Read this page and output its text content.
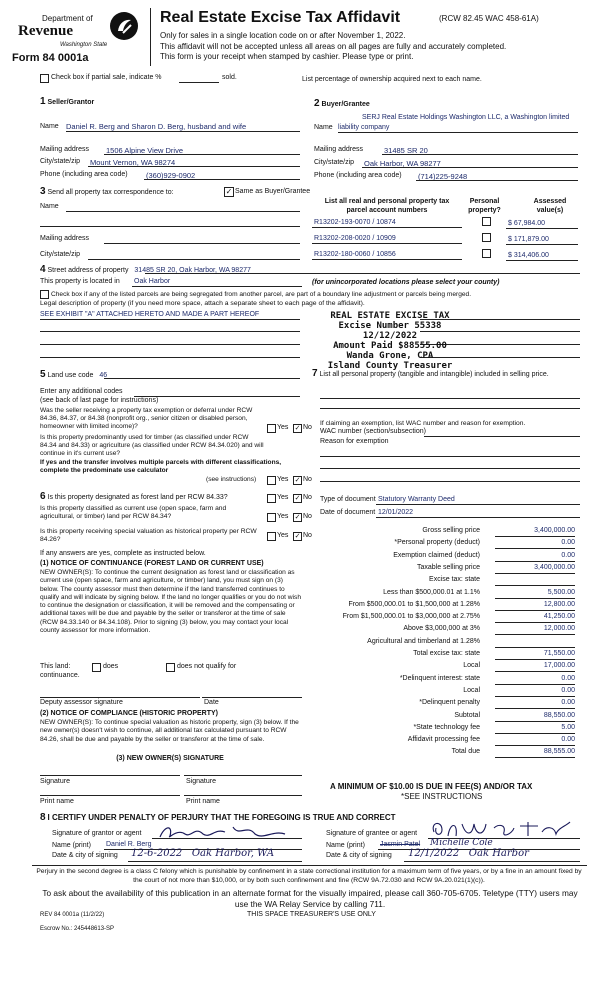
Department of
Revenue
Washington State
Form 84 0001a
Real Estate Excise Tax Affidavit	(RCW 82.45 WAC 458-61A)
Only for sales in a single location code on or after November 1, 2022.
This affidavit will not be accepted unless all areas on all pages are fully and accurately completed.
This form is your receipt when stamped by cashier. Please type or print.
Check box if partial sale, indicate %	sold.	List percentage of ownership acquired next to each name.
1 Seller/Grantor
Name Daniel R. Berg and Sharon D. Berg, husband and wife
Mailing address 1506 Alpine View Drive
City/state/zip Mount Vernon, WA 98274
Phone (including area code) (360)929-0902
2 Buyer/Grantee
SERJ Real Estate Holdings Washington LLC, a Washington limited
Name liability company
Mailing address	31485 SR 20
City/state/zip Oak Harbor, WA 98277
Phone (including area code) (714)225-9248
3 Send all property tax correspondence to:	✓ Same as Buyer/Grantee
Name
Mailing address
City/state/zip
List all real and personal property tax
parcel account numbers
Personal
property?
Assessed
value(s)
R13202-193-0070 / 10874	$ 67,984.00
R13202-208-0020 / 10909	$ 171,879.00
R13202-180-0060 / 10856	$ 314,406.00
4 Street address of property 31485 SR 20, Oak Harbor, WA 98277
This property is located in Oak Harbor	(for unincorporated locations please select your county)
Check box if any of the listed parcels are being segregated from another parcel, are part of a boundary line adjustment or parcels being merged.
Legal description of property (if you need more space, attach a separate sheet to each page of the affidavit).
SEE EXHIBIT "A" ATTACHED HERETO AND MADE A PART HEREOF	REAL ESTATE EXCISE TAX
Excise Number 55338
12/12/2022
Amount Paid $88555.00
Wanda Grone, CPA
Island County Treasurer
5 Land use code 46
Enter any additional codes
(see back of last page for instructions)
Was the seller receiving a property tax exemption or deferral under RCW 84.36, 84.37, or 84.38 (nonprofit org., senior citizen or disabled person, homeowner with limited income)?	Yes ✓ No
Is this property predominantly used for timber (as classified under RCW 84.34 and 84.33) or agriculture (as classified under RCW 84.34.020) and will continue in it's current use?
If yes and the transfer involves multiple parcels with different classifications, complete the predominate use calculator
(see instructions)	Yes ✓ No
7 List all personal property (tangible and intangible) included in selling price.
If claiming an exemption, list WAC number and reason for exemption.
WAC number (section/subsection)
Reason for exemption
6 Is this property designated as forest land per RCW 84.33?	Yes ✓ No
Is this property classified as current use (open space, farm and agricultural, or timber) land per RCW 84.34?	Yes ✓ No
Is this property receiving special valuation as historical property per RCW 84.26?
Yes ✓ No
If any answers are yes, complete as instructed below.
(1) NOTICE OF CONTINUANCE (FOREST LAND OR CURRENT USE)
NEW OWNER(S): To continue the current designation as forest land or classification as current use (open space, farm and agriculture, or timber) land, you must sign on (3) below. The county assessor must then determine if the land transferred continues to qualify and will indicate by signing below. If the land no longer qualifies or you do not wish to continue the designation or classification, it will be removed and the compensating or additional taxes will be due and payable by the seller or transferor at the time of sale (RCW 84.33.140 or 84.34.108). Prior to signing (3) below, you may contact your local county assessor for more information.
This land:	does	does not qualify for
continuance.
Deputy assessor signature	Date
(2) NOTICE OF COMPLIANCE (HISTORIC PROPERTY)
NEW OWNER(S): To continue special valuation as historic property, sign (3) below. If the new owner(s) doesn't wish to continue, all additional tax calculated pursuant to RCW 84.26, shall be due and payable by the seller or transferor at the time of sale.
(3) NEW OWNER(S) SIGNATURE
Signature	Signature
Print name	Print name
Type of document Statutory Warranty Deed
Date of document 12/01/2022
Gross selling price	3,400,000.00
*Personal property (deduct)	0.00
Exemption claimed (deduct)	0.00
Taxable selling price	3,400,000.00
Excise tax: state
Less than $500,000.01 at 1.1%	5,500.00
From $500,000.01 to $1,500,000 at 1.28%	12,800.00
From $1,500,000.01 to $3,000,000 at 2.75%	41,250.00
Above $3,000,000 at 3%	12,000.00
Agricultural and timberland at 1.28%
Total excise tax: state	71,550.00
Local	17,000.00
*Delinquent interest: state	0.00
Local	0.00
*Delinquent penalty	0.00
Subtotal	88,550.00
*State technology fee	5.00
Affidavit processing fee	0.00
Total due	88,555.00
A MINIMUM OF $10.00 IS DUE IN FEE(S) AND/OR TAX
*SEE INSTRUCTIONS
8 I CERTIFY UNDER PENALTY OF PERJURY THAT THE FOREGOING IS TRUE AND CORRECT
Signature of grantor or agent
Name (print) Daniel R. Berg
Date & city of signing 12-6-2022   Oak Harbor, WA
Signature of grantee or agent
Name (print) Jasmin Patel Michelle Cole
Date & city of signing 12/1/2022   Oak Harbor
Perjury in the second degree is a class C felony which is punishable by confinement in a state correctional institution for a maximum term of five years, or by a fine in an amount fixed by the court of not more than $10,000, or by both such confinement and fine (RCW 9A.72.030 and RCW 9A.20.021(1)(c)).
To ask about the availability of this publication in an alternate format for the visually impaired, please call 360-705-6705. Teletype (TTY) users may use the WA Relay Service by calling 711.
REV 84 0001a (11/2/22)	THIS SPACE TREASURER'S USE ONLY
Escrow No.: 245448613-SP
